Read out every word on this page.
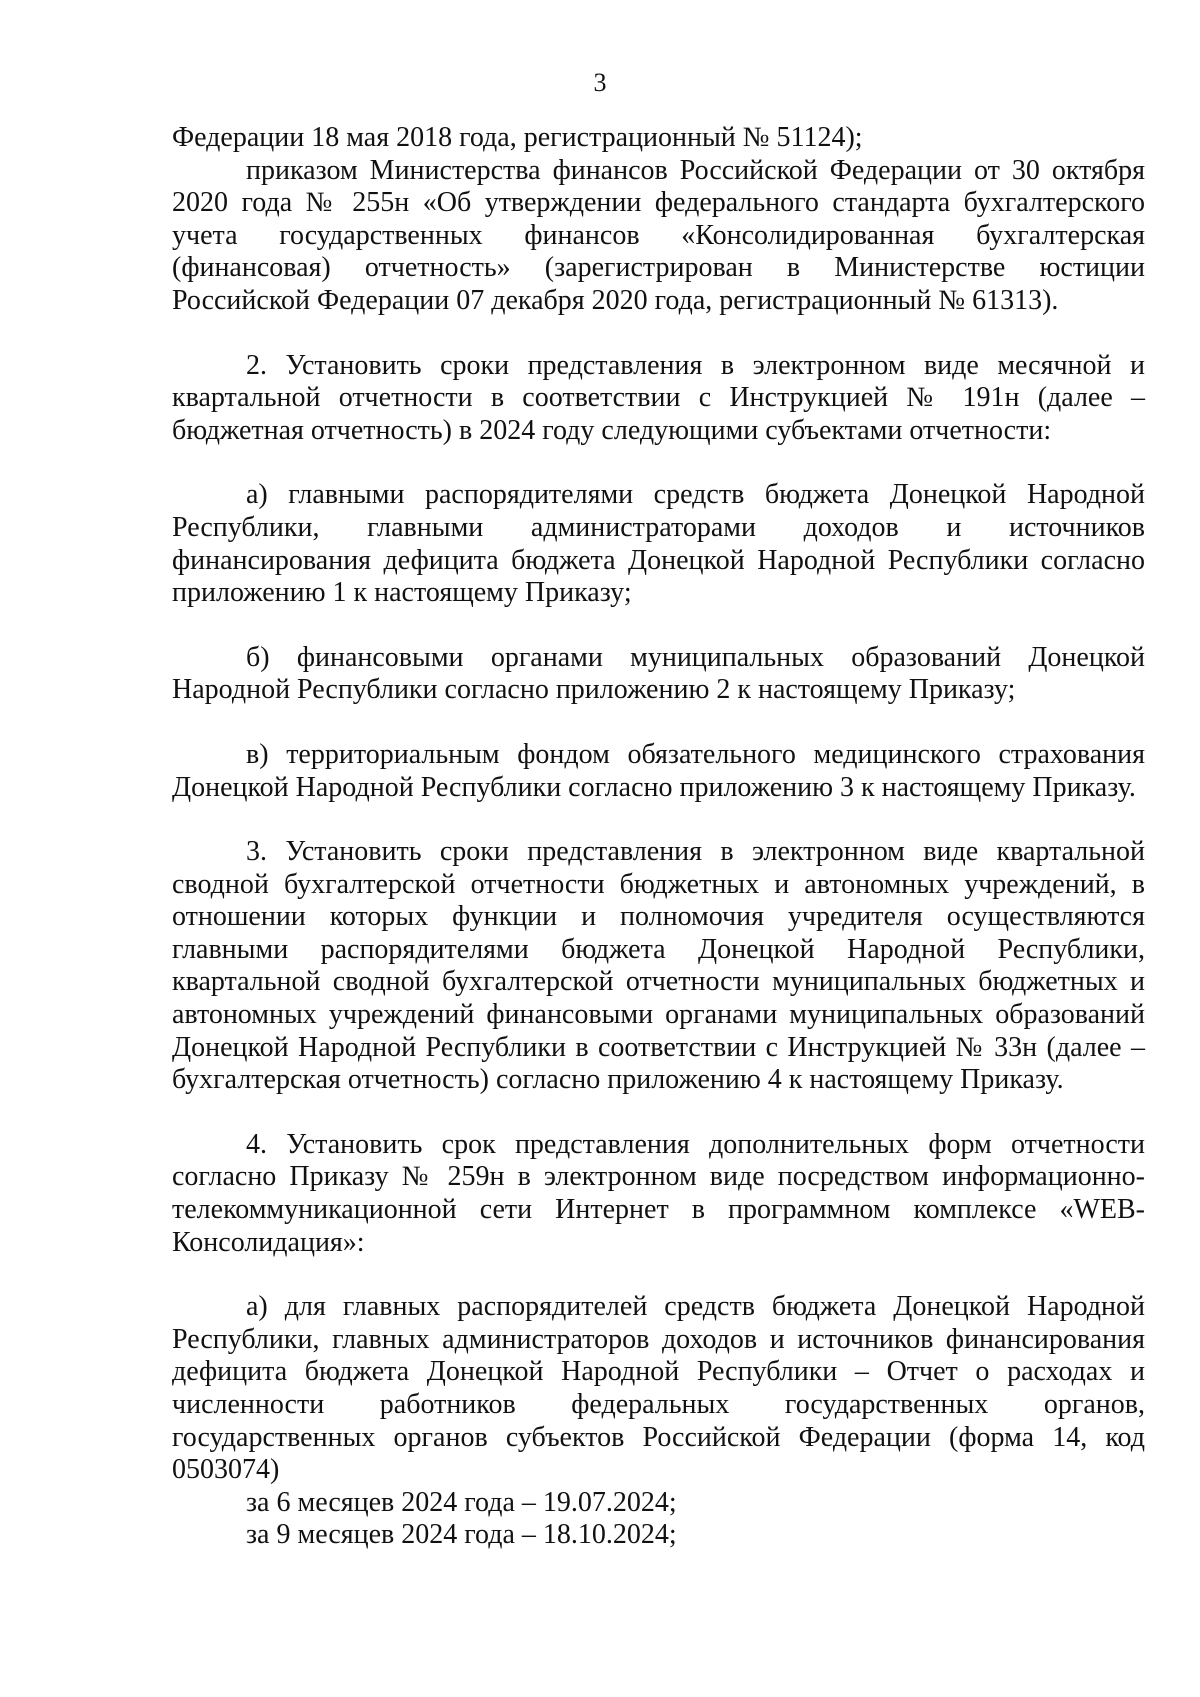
3

Федерации 18 мая 2018 года, регистрационный № 51124);

приказом Министерства финансов Российской Федерации от 30 октября 2020 года № 255н «Об утверждении федерального стандарта бухгалтерского учета государственных финансов «Консолидированная бухгалтерская (финансовая) отчетность» (зарегистрирован в Министерстве юстиции Российской Федерации 07 декабря 2020 года, регистрационный № 61313).

2. Установить сроки представления в электронном виде месячной и квартальной отчетности в соответствии с Инструкцией № 191н (далее – бюджетная отчетность) в 2024 году следующими субъектами отчетности:

а) главными распорядителями средств бюджета Донецкой Народной Республики, главными администраторами доходов и источников финансирования дефицита бюджета Донецкой Народной Республики согласно приложению 1 к настоящему Приказу;

б) финансовыми органами муниципальных образований Донецкой Народной Республики согласно приложению 2 к настоящему Приказу;

в) территориальным фондом обязательного медицинского страхования Донецкой Народной Республики согласно приложению 3 к настоящему Приказу.

3. Установить сроки представления в электронном виде квартальной сводной бухгалтерской отчетности бюджетных и автономных учреждений, в отношении которых функции и полномочия учредителя осуществляются главными распорядителями бюджета Донецкой Народной Республики, квартальной сводной бухгалтерской отчетности муниципальных бюджетных и автономных учреждений финансовыми органами муниципальных образований Донецкой Народной Республики в соответствии с Инструкцией № 33н (далее – бухгалтерская отчетность) согласно приложению 4 к настоящему Приказу.

4. Установить срок представления дополнительных форм отчетности согласно Приказу № 259н в электронном виде посредством информационно-телекоммуникационной сети Интернет в программном комплексе «WEB-Консолидация»:

а) для главных распорядителей средств бюджета Донецкой Народной Республики, главных администраторов доходов и источников финансирования дефицита бюджета Донецкой Народной Республики – Отчет о расходах и численности работников федеральных государственных органов, государственных органов субъектов Российской Федерации (форма 14, код 0503074)

за 6 месяцев 2024 года – 19.07.2024;
за 9 месяцев 2024 года – 18.10.2024;
